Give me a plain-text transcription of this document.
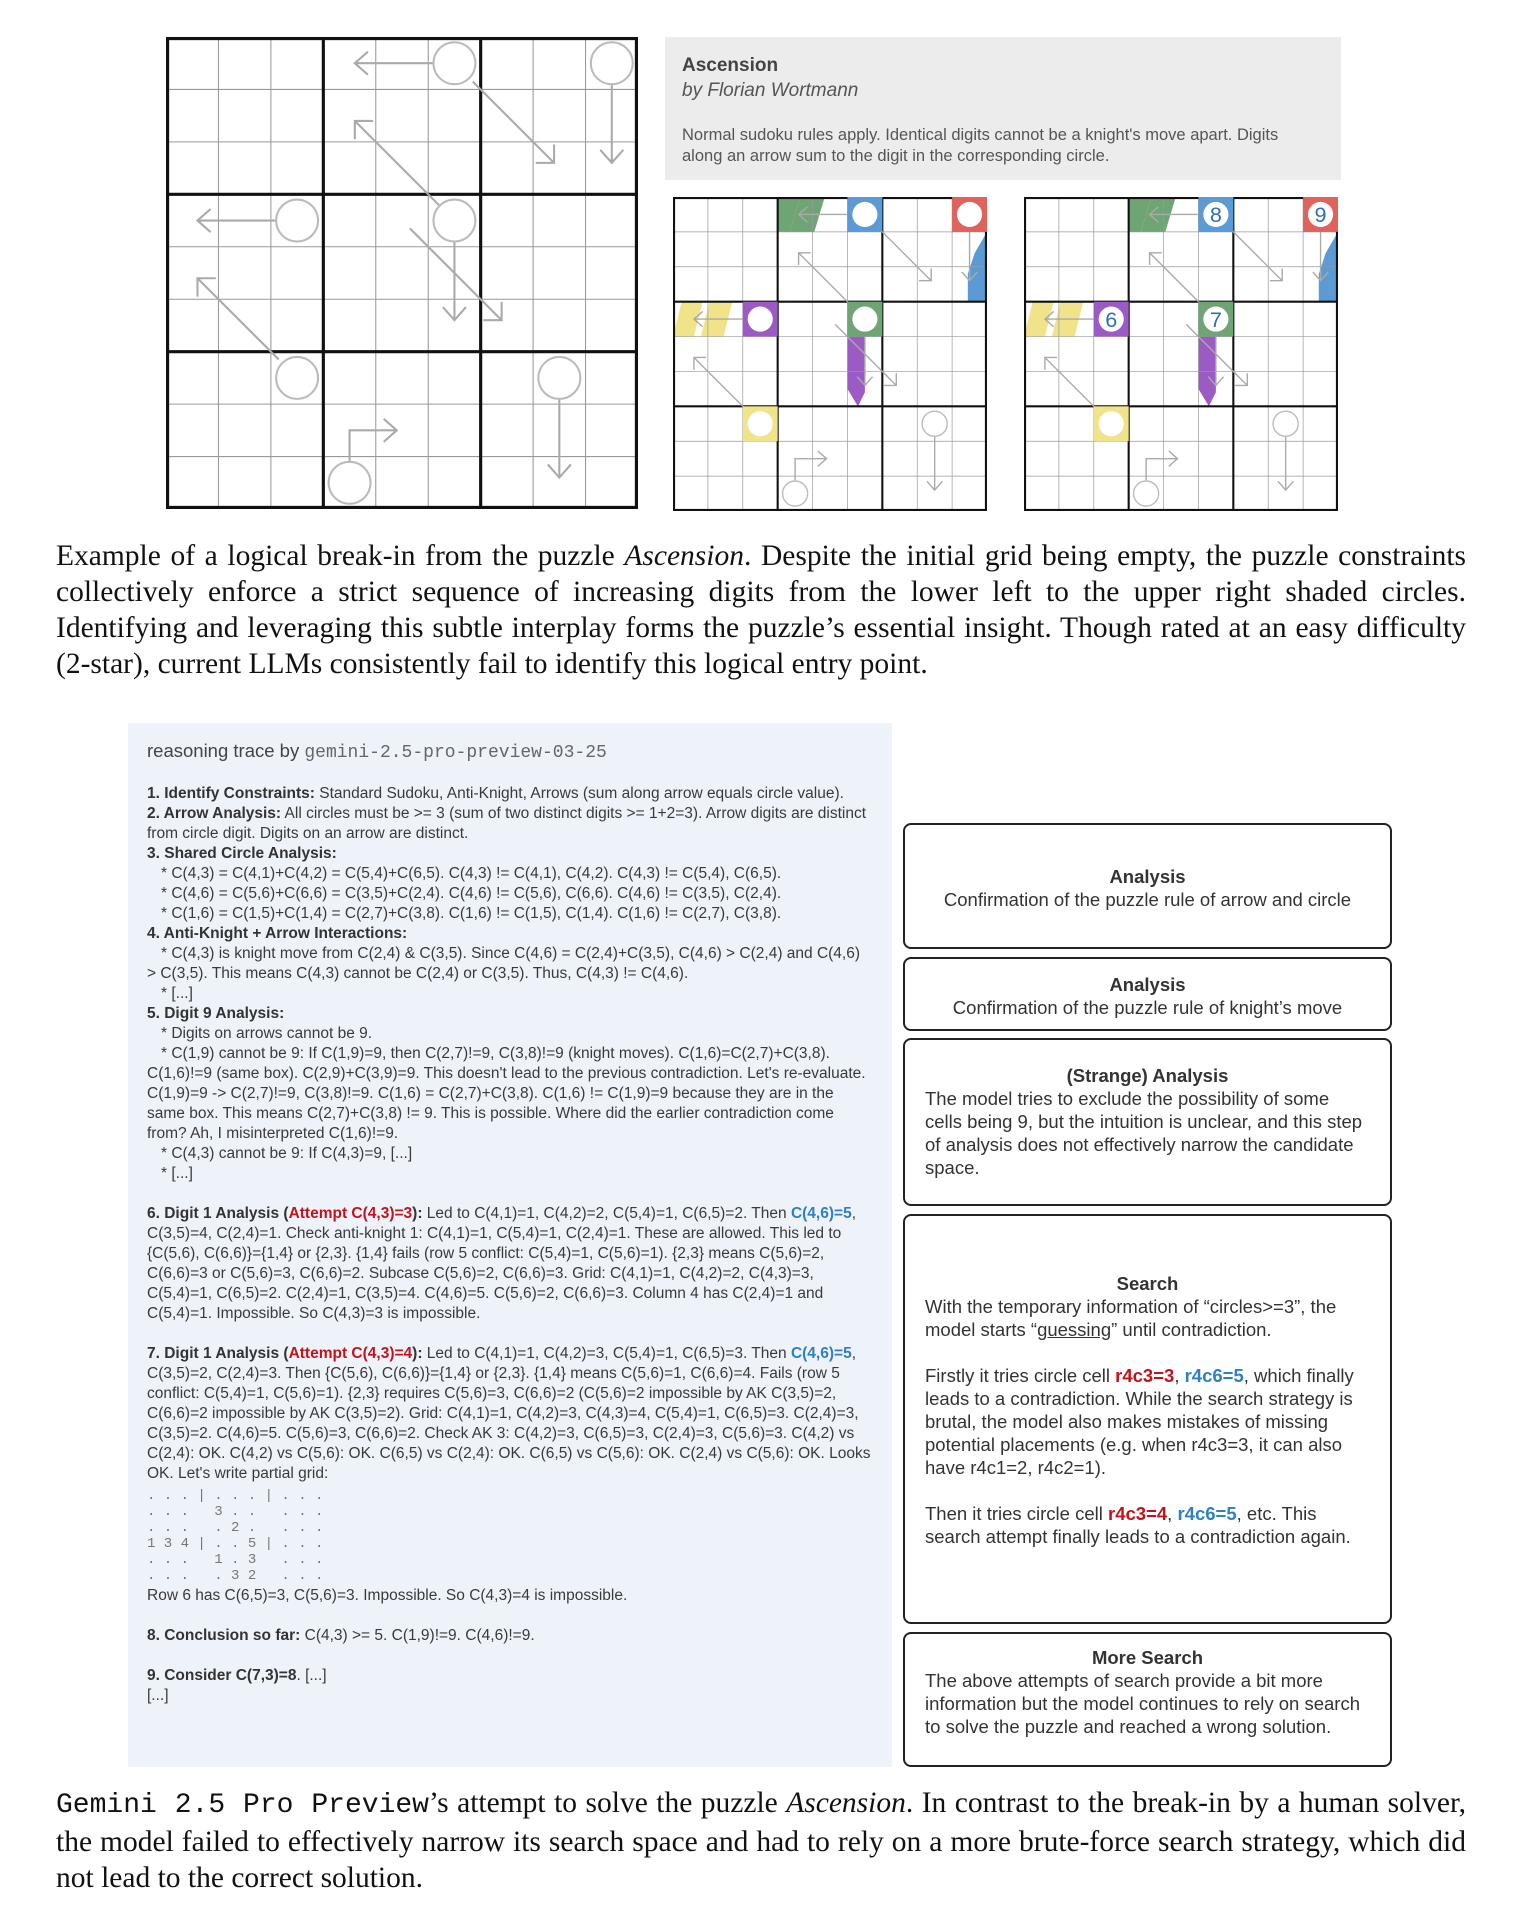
Ascension
by Florian Wortmann
Normal sudoku rules apply. Identical digits cannot be a knight's move apart. Digits along an arrow sum to the digit in the corresponding circle.

Example of a logical break-in from the puzzle Ascension. Despite the initial grid being empty, the puzzle constraints collectively enforce a strict sequence of increasing digits from the lower left to the upper right shaded circles. Identifying and leveraging this subtle interplay forms the puzzle’s essential insight. Though rated at an easy difficulty (2-star), current LLMs consistently fail to identify this logical entry point.

reasoning trace by gemini-2.5-pro-preview-03-25

1. Identify Constraints: Standard Sudoku, Anti-Knight, Arrows (sum along arrow equals circle value).

2. Arrow Analysis: All circles must be >= 3 (sum of two distinct digits >= 1+2=3). Arrow digits are distinct from circle digit. Digits on an arrow are distinct.

3. Shared Circle Analysis:

* C(4,3) = C(4,1)+C(4,2) = C(5,4)+C(6,5). C(4,3) != C(4,1), C(4,2). C(4,3) != C(5,4), C(6,5).

* C(4,6) = C(5,6)+C(6,6) = C(3,5)+C(2,4). C(4,6) != C(5,6), C(6,6). C(4,6) != C(3,5), C(2,4).

* C(1,6) = C(1,5)+C(1,4) = C(2,7)+C(3,8). C(1,6) != C(1,5), C(1,4). C(1,6) != C(2,7), C(3,8).

4. Anti-Knight + Arrow Interactions:

* C(4,3) is knight move from C(2,4) & C(3,5). Since C(4,6) = C(2,4)+C(3,5), C(4,6) > C(2,4) and C(4,6) > C(3,5). This means C(4,3) cannot be C(2,4) or C(3,5). Thus, C(4,3) != C(4,6).

* [...]

5. Digit 9 Analysis:

* Digits on arrows cannot be 9.

* C(1,9) cannot be 9: If C(1,9)=9, then C(2,7)!=9, C(3,8)!=9 (knight moves). C(1,6)=C(2,7)+C(3,8). C(1,6)!=9 (same box). C(2,9)+C(3,9)=9. This doesn't lead to the previous contradiction. Let's re-evaluate. C(1,9)=9 -> C(2,7)!=9, C(3,8)!=9. C(1,6) = C(2,7)+C(3,8). C(1,6) != C(1,9)=9 because they are in the same box. This means C(2,7)+C(3,8) != 9. This is possible. Where did the earlier contradiction come from? Ah, I misinterpreted C(1,6)!=9.

* C(4,3) cannot be 9: If C(4,3)=9, [...]

* [...]

6. Digit 1 Analysis (Attempt C(4,3)=3): Led to C(4,1)=1, C(4,2)=2, C(5,4)=1, C(6,5)=2. Then C(4,6)=5, C(3,5)=4, C(2,4)=1. Check anti-knight 1: C(4,1)=1, C(5,4)=1, C(2,4)=1. These are allowed. This led to {C(5,6), C(6,6)}={1,4} or {2,3}. {1,4} fails (row 5 conflict: C(5,4)=1, C(5,6)=1). {2,3} means C(5,6)=2, C(6,6)=3 or C(5,6)=3, C(6,6)=2. Subcase C(5,6)=2, C(6,6)=3. Grid: C(4,1)=1, C(4,2)=2, C(4,3)=3, C(5,4)=1, C(6,5)=2. C(2,4)=1, C(3,5)=4. C(4,6)=5. C(5,6)=2, C(6,6)=3. Column 4 has C(2,4)=1 and C(5,4)=1. Impossible. So C(4,3)=3 is impossible.

7. Digit 1 Analysis (Attempt C(4,3)=4): Led to C(4,1)=1, C(4,2)=3, C(5,4)=1, C(6,5)=3. Then C(4,6)=5, C(3,5)=2, C(2,4)=3. Then {C(5,6), C(6,6)}={1,4} or {2,3}. {1,4} means C(5,6)=1, C(6,6)=4. Fails (row 5 conflict: C(5,4)=1, C(5,6)=1). {2,3} requires C(5,6)=3, C(6,6)=2 (C(5,6)=2 impossible by AK C(3,5)=2, C(6,6)=2 impossible by AK C(3,5)=2). Grid: C(4,1)=1, C(4,2)=3, C(4,3)=4, C(5,4)=1, C(6,5)=3. C(2,4)=3, C(3,5)=2. C(4,6)=5. C(5,6)=3, C(6,6)=2. Check AK 3: C(4,2)=3, C(6,5)=3, C(2,4)=3, C(5,6)=3. C(4,2) vs C(2,4): OK. C(4,2) vs C(5,6): OK. C(6,5) vs C(2,4): OK. C(6,5) vs C(5,6): OK. C(2,4) vs C(5,6): OK. Looks OK. Let's write partial grid:

. . . | . . . | . . .
. . .   3 . .   . . .
. . .   . 2 .   . . .
1 3 4 | . . 5 | . . .
. . .   1 . 3   . . .
. . .   . 3 2   . . .

Row 6 has C(6,5)=3, C(5,6)=3. Impossible. So C(4,3)=4 is impossible.

8. Conclusion so far: C(4,3) >= 5. C(1,9)!=9. C(4,6)!=9.

9. Consider C(7,3)=8. [...]

[...]

Analysis

Confirmation of the puzzle rule of arrow and circle

Analysis

Confirmation of the puzzle rule of knight’s move

(Strange) Analysis

The model tries to exclude the possibility of some cells being 9, but the intuition is unclear, and this step of analysis does not effectively narrow the candidate space.

Search

With the temporary information of “circles>=3”, the model starts “guessing” until contradiction.

Firstly it tries circle cell r4c3=3, r4c6=5, which finally leads to a contradiction. While the search strategy is brutal, the model also makes mistakes of missing potential placements (e.g. when r4c3=3, it can also have r4c1=2, r4c2=1).

Then it tries circle cell r4c3=4, r4c6=5, etc. This search attempt finally leads to a contradiction again.

More Search

The above attempts of search provide a bit more information but the model continues to rely on search to solve the puzzle and reached a wrong solution.

Gemini 2.5 Pro Preview’s attempt to solve the puzzle Ascension. In contrast to the break-in by a human solver, the model failed to effectively narrow its search space and had to rely on a more brute-force search strategy, which did not lead to the correct solution.
